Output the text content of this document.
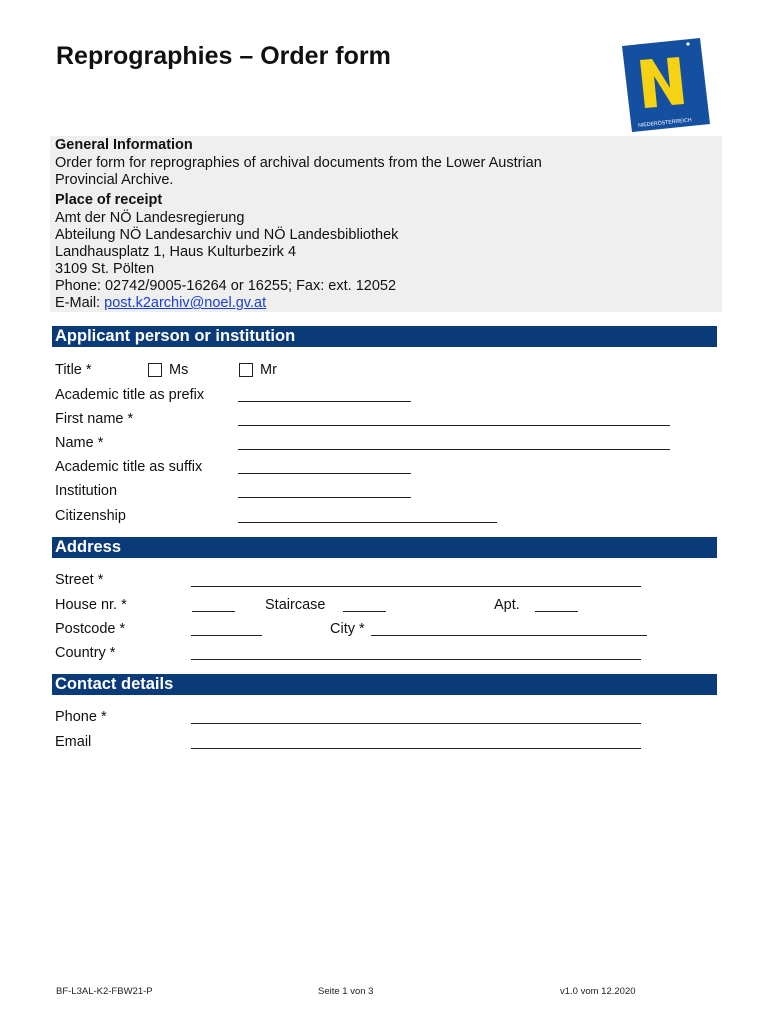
Reprographies – Order form
NIEDERÖSTERREICH
General Information
Order form for reprographies of archival documents from the Lower Austrian
Provincial Archive.
Place of receipt
Amt der NÖ Landesregierung
Abteilung NÖ Landesarchiv und NÖ Landesbibliothek
Landhausplatz 1, Haus Kulturbezirk 4
3109 St. Pölten
Phone: 02742/9005-16264 or 16255; Fax: ext. 12052
E-Mail: post.k2archiv@noel.gv.at
Applicant person or institution
Title *	Ms	Mr
Academic title as prefix
First name *
Name *
Academic title as suffix
Institution
Citizenship
Address
Street *
House nr. *	Staircase	Apt.
Postcode *	City *
Country *
Contact details
Phone *
Email
BF-L3AL-K2-FBW21-P	Seite 1 von 3	v1.0 vom 12.2020
